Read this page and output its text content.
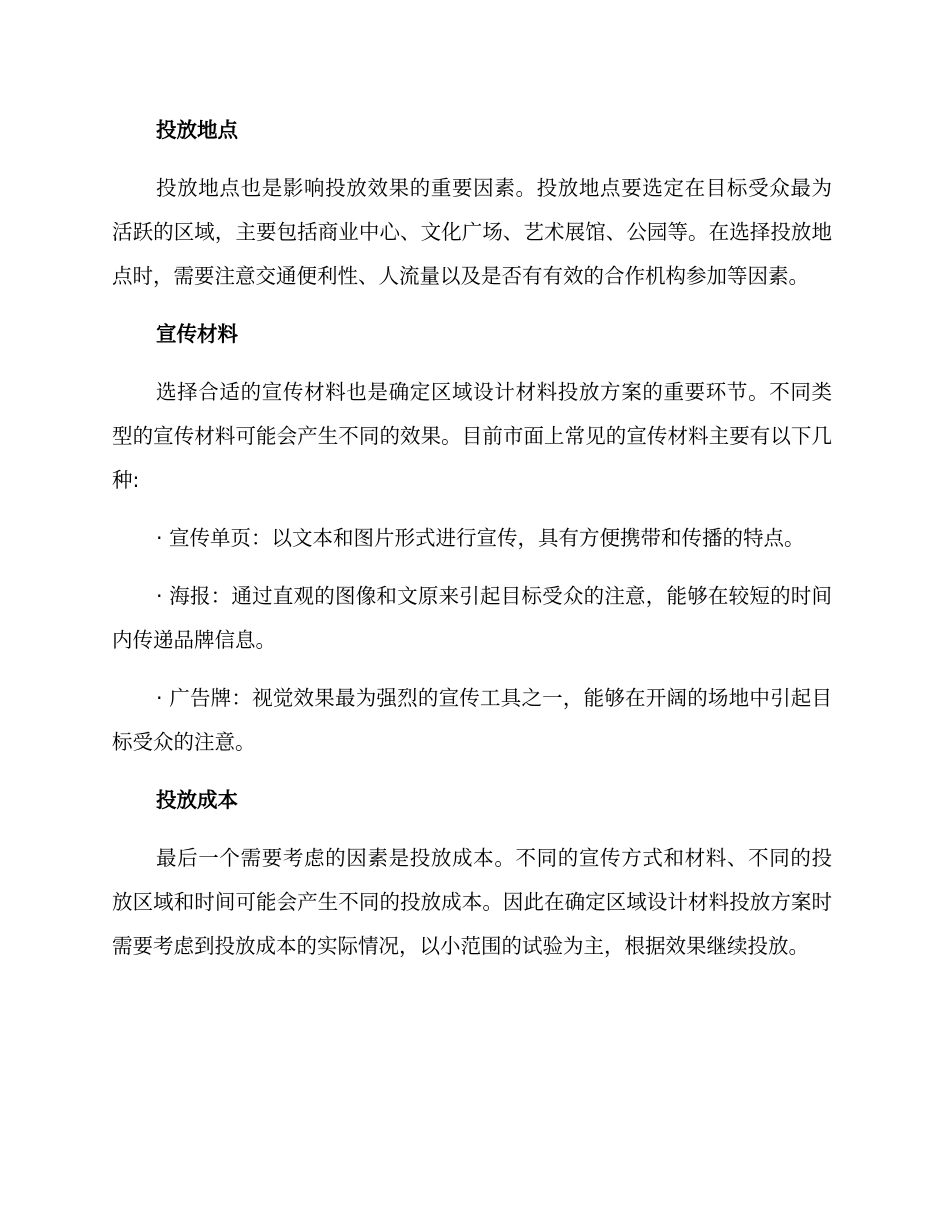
投放地点

投放地点也是影响投放效果的重要因素。投放地点要选定在目标受众最为活跃的区域，主要包括商业中心、文化广场、艺术展馆、公园等。在选择投放地点时，需要注意交通便利性、人流量以及是否有有效的合作机构参加等因素。

宣传材料

选择合适的宣传材料也是确定区域设计材料投放方案的重要环节。不同类型的宣传材料可能会产生不同的效果。目前市面上常见的宣传材料主要有以下几种:

· 宣传单页：以文本和图片形式进行宣传，具有方便携带和传播的特点。

· 海报：通过直观的图像和文原来引起目标受众的注意，能够在较短的时间内传递品牌信息。

· 广告牌：视觉效果最为强烈的宣传工具之一，能够在开阔的场地中引起目标受众的注意。

投放成本

最后一个需要考虑的因素是投放成本。不同的宣传方式和材料、不同的投放区域和时间可能会产生不同的投放成本。因此在确定区域设计材料投放方案时需要考虑到投放成本的实际情况，以小范围的试验为主，根据效果继续投放。
